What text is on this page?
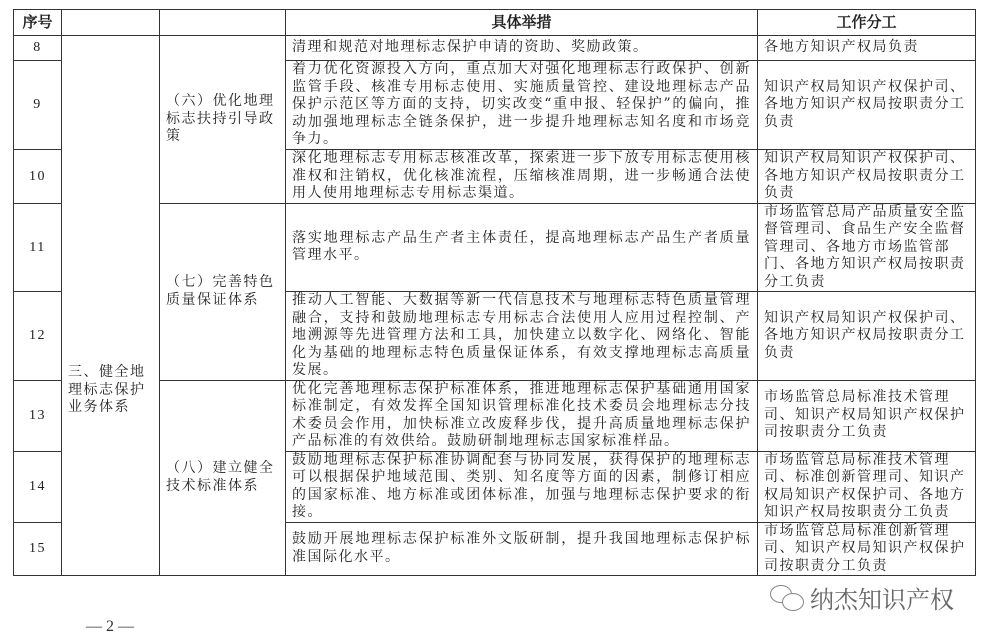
序号			具体举措	工作分工
8	三、健全地理标志保护业务体系	（六）优化地理标志扶持引导政策	清理和规范对地理标志保护申请的资助、奖励政策。	各地方知识产权局负责
9			着力优化资源投入方向，重点加大对强化地理标志行政保护、创新监管手段、核准专用标志使用、实施质量管控、建设地理标志产品保护示范区等方面的支持，切实改变“重申报、轻保护”的偏向，推动加强地理标志全链条保护，进一步提升地理标志知名度和市场竞争力。	知识产权局知识产权保护司、各地方知识产权局按职责分工负责
10			深化地理标志专用标志核准改革，探索进一步下放专用标志使用核准权和注销权，优化核准流程，压缩核准周期，进一步畅通合法使用人使用地理标志专用标志渠道。	知识产权局知识产权保护司、各地方知识产权局按职责分工负责
11		（七）完善特色质量保证体系	落实地理标志产品生产者主体责任，提高地理标志产品生产者质量管理水平。	市场监管总局产品质量安全监督管理司、食品生产安全监督管理司、各地方市场监管部门、各地方知识产权局按职责分工负责
12			推动人工智能、大数据等新一代信息技术与地理标志特色质量管理融合，支持和鼓励地理标志专用标志合法使用人应用过程控制、产地溯源等先进管理方法和工具，加快建立以数字化、网络化、智能化为基础的地理标志特色质量保证体系，有效支撑地理标志高质量发展。	知识产权局知识产权保护司、各地方知识产权局按职责分工负责
13		（八）建立健全技术标准体系	优化完善地理标志保护标准体系，推进地理标志保护基础通用国家标准制定，有效发挥全国知识管理标准化技术委员会地理标志分技术委员会作用，加快标准立改废释步伐，提升高质量地理标志保护产品标准的有效供给。鼓励研制地理标志国家标准样品。	市场监管总局标准技术管理司、知识产权局知识产权保护司按职责分工负责
14			鼓励地理标志保护标准协调配套与协同发展，获得保护的地理标志可以根据保护地域范围、类别、知名度等方面的因素，制修订相应的国家标准、地方标准或团体标准，加强与地理标志保护要求的衔接。	市场监管总局标准技术管理司、标准创新管理司、知识产权局知识产权保护司、各地方知识产权局按职责分工负责
15			鼓励开展地理标志保护标准外文版研制，提升我国地理标志保护标准国际化水平。	市场监管总局标准创新管理司、知识产权局知识产权保护司按职责分工负责
纳杰知识产权
— 2 —
